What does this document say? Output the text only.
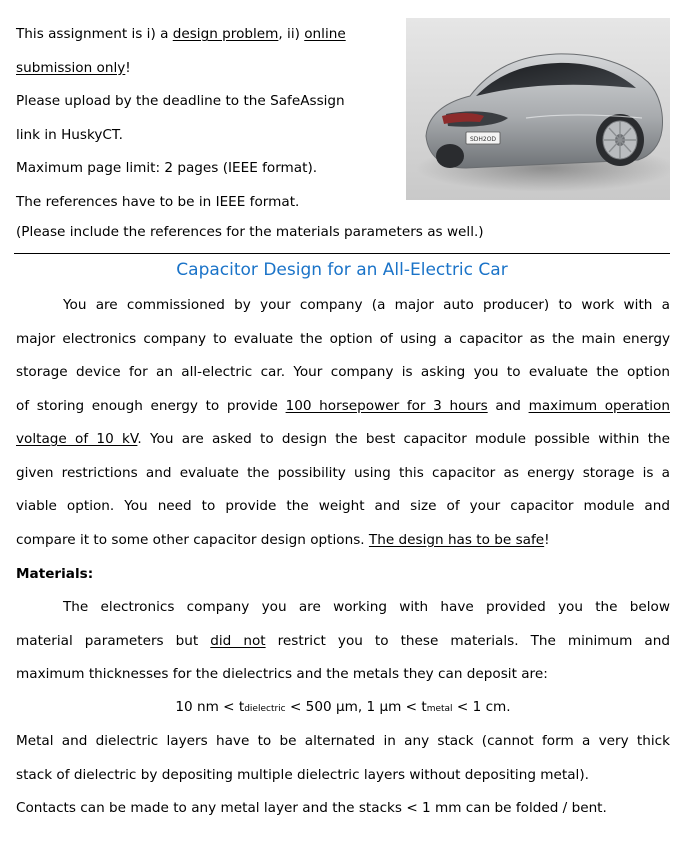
This assignment is i) a design problem, ii) online
submission only!
Please upload by the deadline to the SafeAssign
link in HuskyCT.
Maximum page limit: 2 pages (IEEE format).
The references have to be in IEEE format.
(Please include the references for the materials parameters as well.)
SDH2OD
Capacitor Design for an All-Electric Car
You are commissioned by your company (a major auto producer) to work with a
major electronics company to evaluate the option of using a capacitor as the main energy
storage device for an all-electric car. Your company is asking you to evaluate the option
of storing enough energy to provide 100 horsepower for 3 hours and maximum operation
voltage of 10 kV. You are asked to design the best capacitor module possible within the
given restrictions and evaluate the possibility using this capacitor as energy storage is a
viable option. You need to provide the weight and size of your capacitor module and
compare it to some other capacitor design options. The design has to be safe!
Materials:
The electronics company you are working with have provided you the below
material parameters but did not restrict you to these materials. The minimum and
maximum thicknesses for the dielectrics and the metals they can deposit are:
10 nm < tdielectric < 500 µm, 1 µm < tmetal < 1 cm.
Metal and dielectric layers have to be alternated in any stack (cannot form a very thick
stack of dielectric by depositing multiple dielectric layers without depositing metal).
Contacts can be made to any metal layer and the stacks < 1 mm can be folded / bent.
